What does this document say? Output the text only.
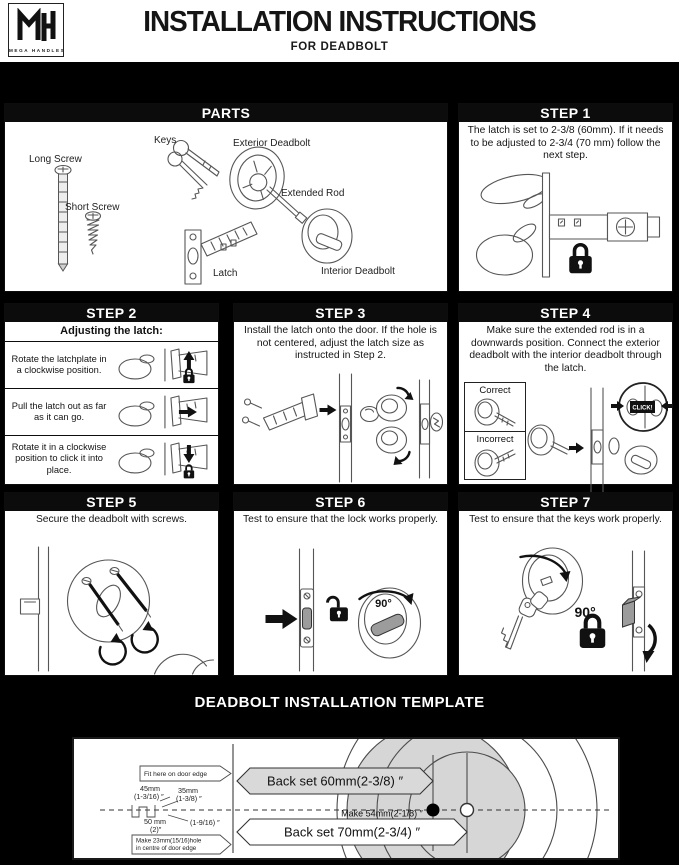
MEGA HANDLES
INSTALLATION INSTRUCTIONS
FOR DEADBOLT
PARTS
Long Screw
Short Screw
Keys	Exterior Deadbolt
Extended Rod
Latch	Interior Deadbolt
STEP 1
The latch is set to 2-3/8 (60mm). If it needs to be adjusted to 2-3/4 (70 mm) follow the next step.
STEP 2
Adjusting the latch:
Rotate the latchplate in a clockwise position.
Pull the latch out as far as it can go.
Rotate it in a clockwise position to click it into place.
STEP 3
Install the latch onto the door. If the hole is not centered, adjust the latch size as instructed in Step 2.
STEP 4
Make sure the extended rod is in a downwards position. Connect the exterior deadbolt with the interior deadbolt through the latch.
Correct
Incorrect
CLICK!
STEP 5
Secure the deadbolt with screws.
STEP 6
Test to ensure that the lock works properly.
90°
STEP 7
Test to ensure that the keys work properly.
90°
DEADBOLT INSTALLATION TEMPLATE
Back set 60mm(2-3/8) ″
Back set 70mm(2-3/4) ″
Make 54mm(2-1/8) ″
Fit here on door edge
Make 23mm(15/16)hole
in centre of door edge
45mm
(1-3/16) ″
35mm
(1-3/8) ″
50 mm
(2)″
(1-9/16) ″
